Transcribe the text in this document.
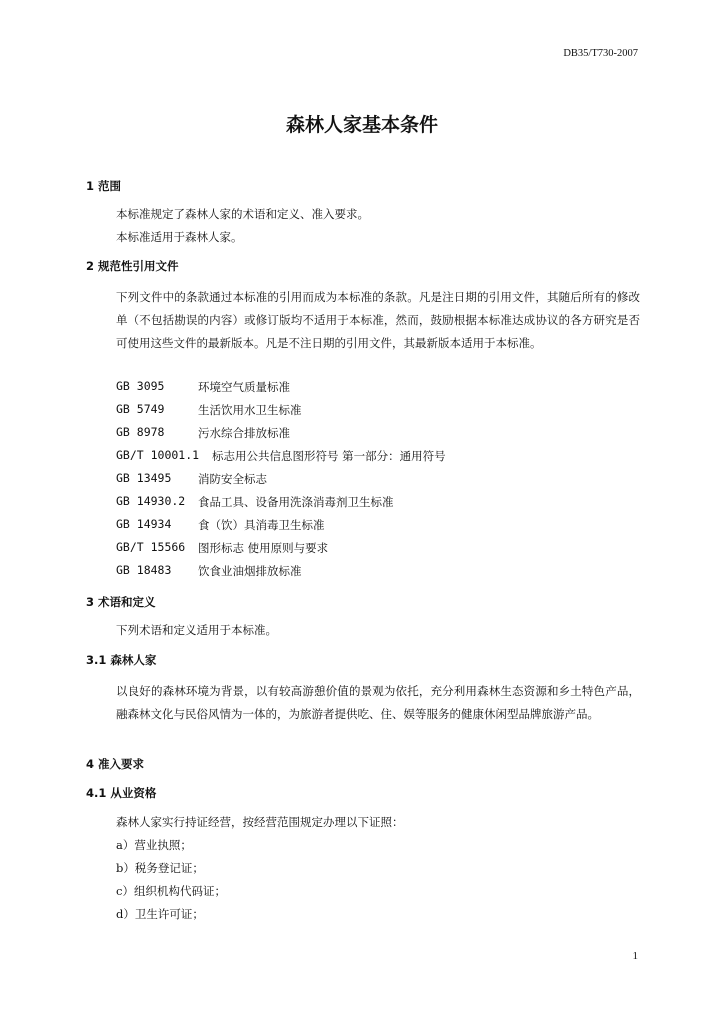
DB35/T730-2007
森林人家基本条件
1 范围
本标准规定了森林人家的术语和定义、准入要求。
本标准适用于森林人家。
2 规范性引用文件
下列文件中的条款通过本标准的引用而成为本标准的条款。凡是注日期的引用文件，其随后所有的修改单（不包括勘误的内容）或修订版均不适用于本标准，然而，鼓励根据本标准达成协议的各方研究是否可使用这些文件的最新版本。凡是不注日期的引用文件，其最新版本适用于本标准。
GB 3095	环境空气质量标准
GB 5749	生活饮用水卫生标准
GB 8978	污水综合排放标准
GB/T 10001.1 标志用公共信息图形符号 第一部分：通用符号
GB 13495 消防安全标志
GB 14930.2 食品工具、设备用洗涤消毒剂卫生标准
GB 14934 食（饮）具消毒卫生标准
GB/T 15566 图形标志 使用原则与要求
GB 18483 饮食业油烟排放标准
3 术语和定义
下列术语和定义适用于本标准。
3.1 森林人家
以良好的森林环境为背景，以有较高游憩价值的景观为依托，充分利用森林生态资源和乡土特色产品，融森林文化与民俗风情为一体的，为旅游者提供吃、住、娱等服务的健康休闲型品牌旅游产品。
4 准入要求
4.1 从业资格
森林人家实行持证经营，按经营范围规定办理以下证照：
a）营业执照；
b）税务登记证；
c）组织机构代码证；
d）卫生许可证；
1
